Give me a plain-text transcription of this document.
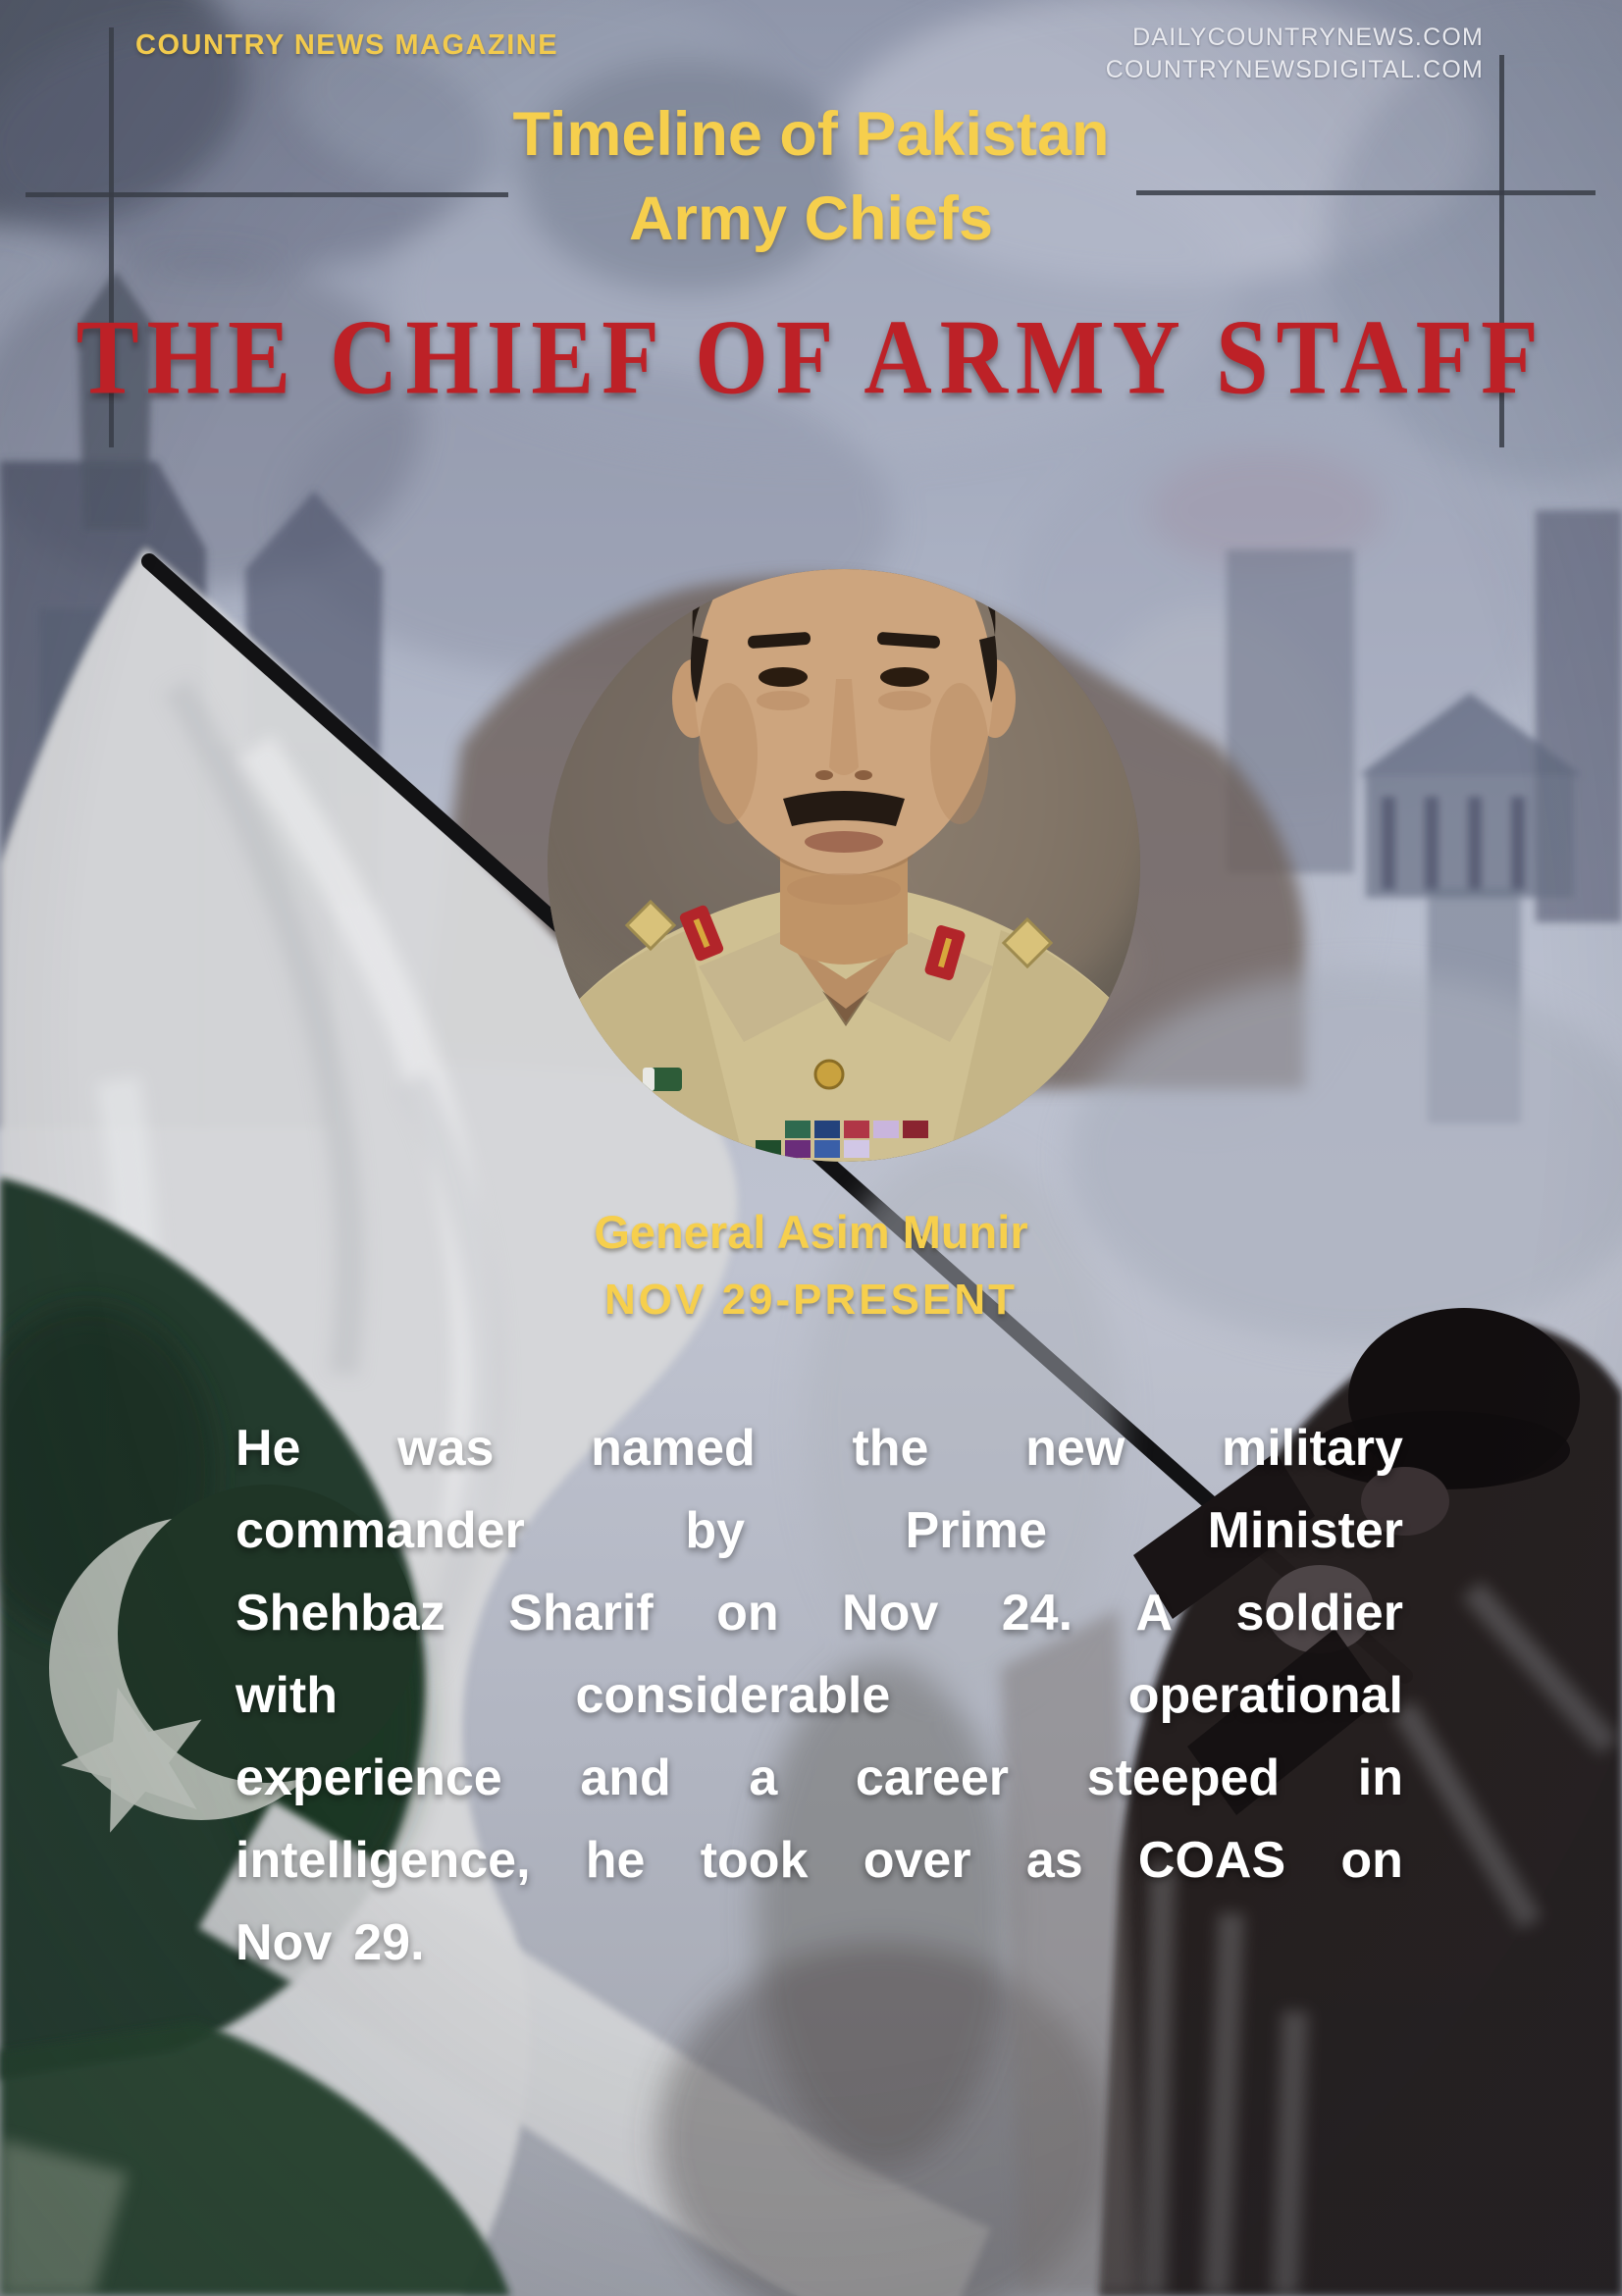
COUNTRY NEWS MAGAZINE	DAILYCOUNTRYNEWS.COM
COUNTRYNEWSDIGITAL.COM
Timeline of Pakistan
Army Chiefs
THE CHIEF OF ARMY STAFF
General Asim Munir
NOV 29-PRESENT
He was named the new military
commander	by	Prime	Minister
Shehbaz Sharif on Nov 24. A soldier
with	considerable	operational
experience and a career steeped in
intelligence, he took over as COAS on
Nov 29.
